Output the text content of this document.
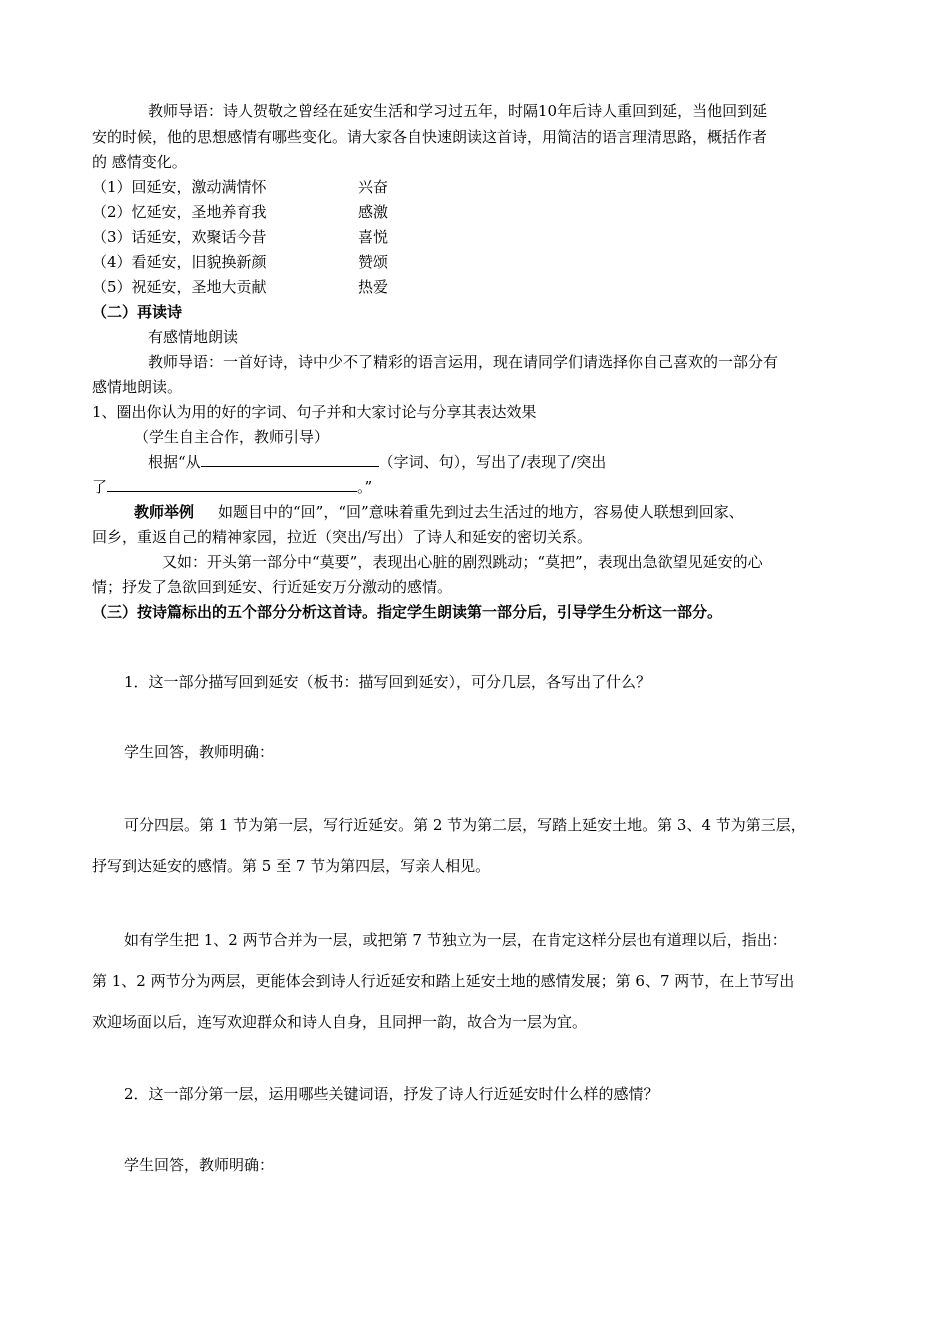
教师导语：诗人贺敬之曾经在延安生活和学习过五年，时隔10年后诗人重回到延，当他回到延
安的时候，他的思想感情有哪些变化。请大家各自快速朗读这首诗，用简洁的语言理清思路，概括作者
的 感情变化。
（1）回延安，激动满情怀	兴奋
（2）忆延安，圣地养育我	感激
（3）话延安，欢聚话今昔	喜悦
（4）看延安，旧貌换新颜	赞颂
（5）祝延安，圣地大贡献	热爱
（二）再读诗
有感情地朗读
教师导语：一首好诗，诗中少不了精彩的语言运用，现在请同学们请选择你自己喜欢的一部分有
感情地朗读。
1、圈出你认为用的好的字词、句子并和大家讨论与分享其表达效果
（学生自主合作，教师引导）
根据“从	（字词、句），写出了/表现了/突出
了	。”
教师举例 如题目中的“回”，“回”意味着重先到过去生活过的地方，容易使人联想到回家、
回乡，重返自己的精神家园，拉近（突出/写出）了诗人和延安的密切关系。
又如：开头第一部分中“莫要”，表现出心脏的剧烈跳动；“莫把”，表现出急欲望见延安的心
情；抒发了急欲回到延安、行近延安万分激动的感情。
（三）按诗篇标出的五个部分分析这首诗。指定学生朗读第一部分后，引导学生分析这一部分。
1．这一部分描写回到延安（板书：描写回到延安），可分几层，各写出了什么？
学生回答，教师明确：
可分四层。第 1 节为第一层，写行近延安。第 2 节为第二层，写踏上延安土地。第 3、4 节为第三层，
抒写到达延安的感情。第 5 至 7 节为第四层，写亲人相见。
如有学生把 1、2 两节合并为一层，或把第 7 节独立为一层，在肯定这样分层也有道理以后，指出：
第 1、2 两节分为两层，更能体会到诗人行近延安和踏上延安土地的感情发展；第 6、7 两节，在上节写出
欢迎场面以后，连写欢迎群众和诗人自身，且同押一韵，故合为一层为宜。
2．这一部分第一层，运用哪些关键词语，抒发了诗人行近延安时什么样的感情？
学生回答，教师明确：
